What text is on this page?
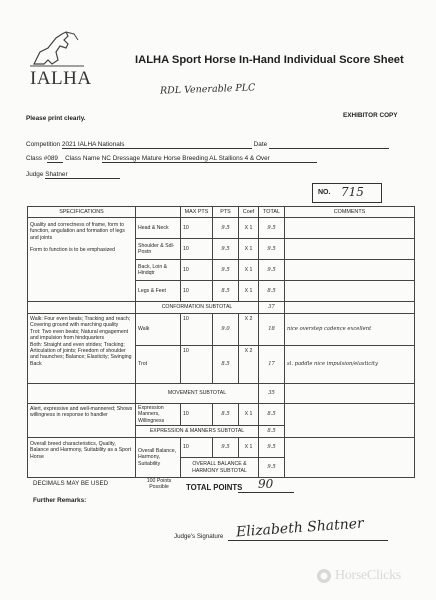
IALHA
IALHA Sport Horse In-Hand Individual Score Sheet
RDL Venerable PLC
Please print clearly.	EXHIBITOR COPY
Competition 2021 IALHA Nationals	Date
Class #089 Class Name NC Dressage Mature Horse Breeding AL Stallions 4 & Over
Judge Shatner
NO. 715
SPECIFICATIONS		MAX PTS	PTS	Coef	TOTAL	COMMENTS

Quality and correctness of frame, form to function, angulation and formation of legs and joints
Form to function is to be emphasized	Head & Neck	10	9.5	X 1	9.5	
	Shoulder & Sdl-Postn	10	9.5	X 1	9.5	
	Back, Loin & Hindqtr	10	9.5	X 1	9.5	
	Legs & Feet	10	8.5	X 1	8.5	
	CONFORMATION SUBTOTAL				37	

Walk: Four even beats; Tracking and reach; Covering ground with marching quality
Trot: Two even beats; Natural engagement and impulsion from hindquarters
Both: Straight and even strides; Tracking; Articulation of joints; Freedom of shoulder and haunches; Balance; Elasticity; Swinging Back	Walk	10	9.0	X 2	18	nice overstep cadence excellent
	Trot	10	8.5	X 2	17	sl. paddle nice impulsion/elasticity
	MOVEMENT SUBTOTAL				35	
Alert, expressive and well-mannered; Shows willingness in response to handler	Expression Manners, Willingness	10	8.5	X 1	8.5	
	EXPRESSION & MANNERS SUBTOTAL				8.5	
Overall breed characteristics, Quality, Balance and Harmony, Suitability as a Sport Horse	Overall Balance, Harmony, Suitability	10	9.5	X 1	9.5	
		OVERALL BALANCE & HARMONY SUBTOTAL			9.5	
DECIMALS MAY BE USED	100 Points Possible	TOTAL POINTS 90
Further Remarks:
Judge's Signature Elizabeth Shatner
HorseClicks
